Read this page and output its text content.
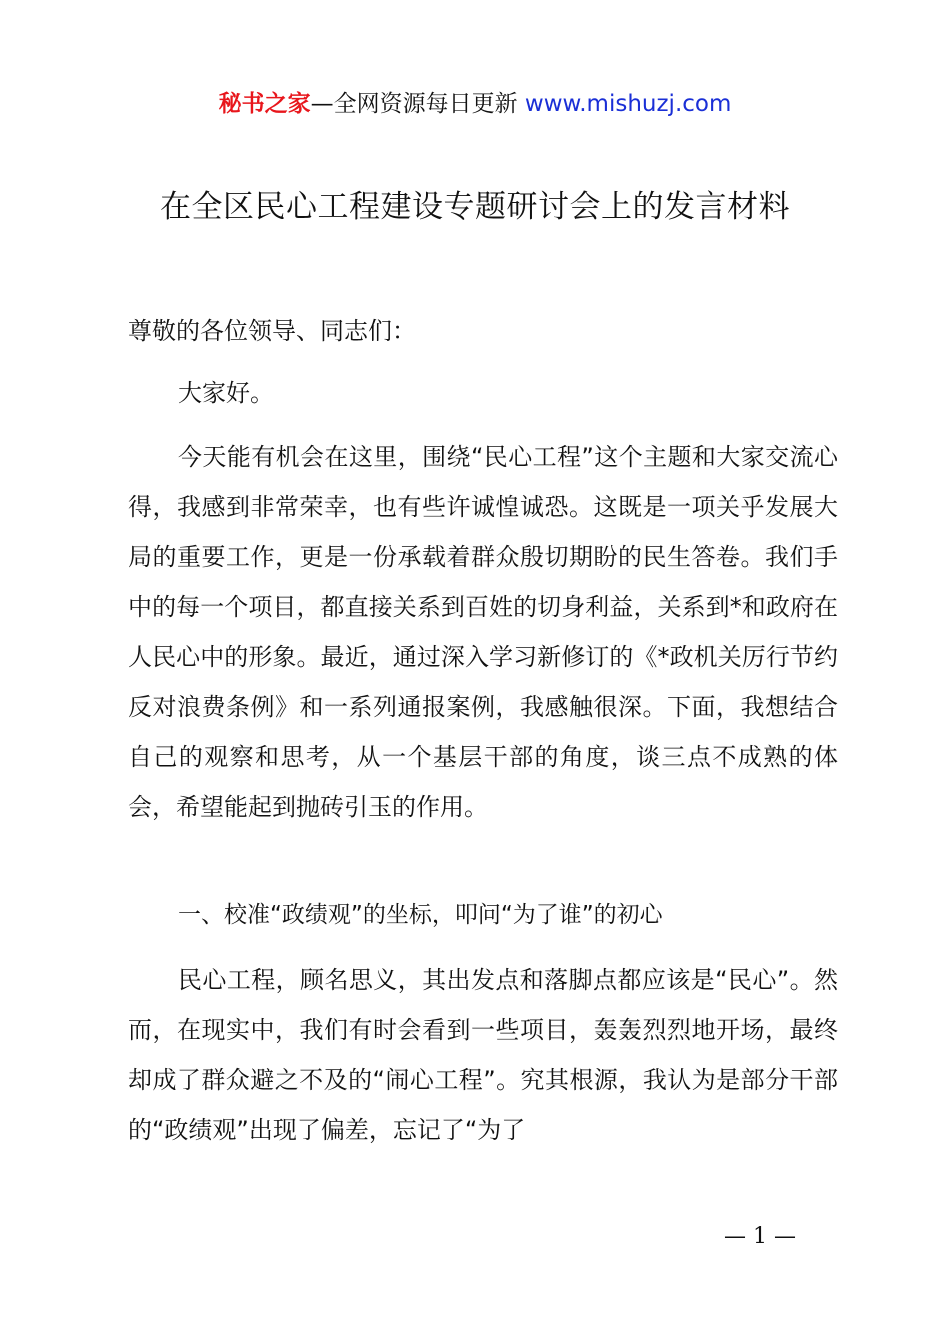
秘书之家—全网资源每日更新 www.mishuzj.com
在全区民心工程建设专题研讨会上的发言材料
尊敬的各位领导、同志们：
大家好。
今天能有机会在这里，围绕“民心工程”这个主题和大家交流心得，我感到非常荣幸，也有些许诚惶诚恐。这既是一项关乎发展大局的重要工作，更是一份承载着群众殷切期盼的民生答卷。我们手中的每一个项目，都直接关系到百姓的切身利益，关系到*和政府在人民心中的形象。最近，通过深入学习新修订的《*政机关厉行节约反对浪费条例》和一系列通报案例，我感触很深。下面，我想结合自己的观察和思考，从一个基层干部的角度，谈三点不成熟的体会，希望能起到抛砖引玉的作用。
一、校准“政绩观”的坐标，叩问“为了谁”的初心
民心工程，顾名思义，其出发点和落脚点都应该是“民心”。然而，在现实中，我们有时会看到一些项目，轰轰烈烈地开场，最终却成了群众避之不及的“闹心工程”。究其根源，我认为是部分干部的“政绩观”出现了偏差，忘记了“为了
— 1 —
